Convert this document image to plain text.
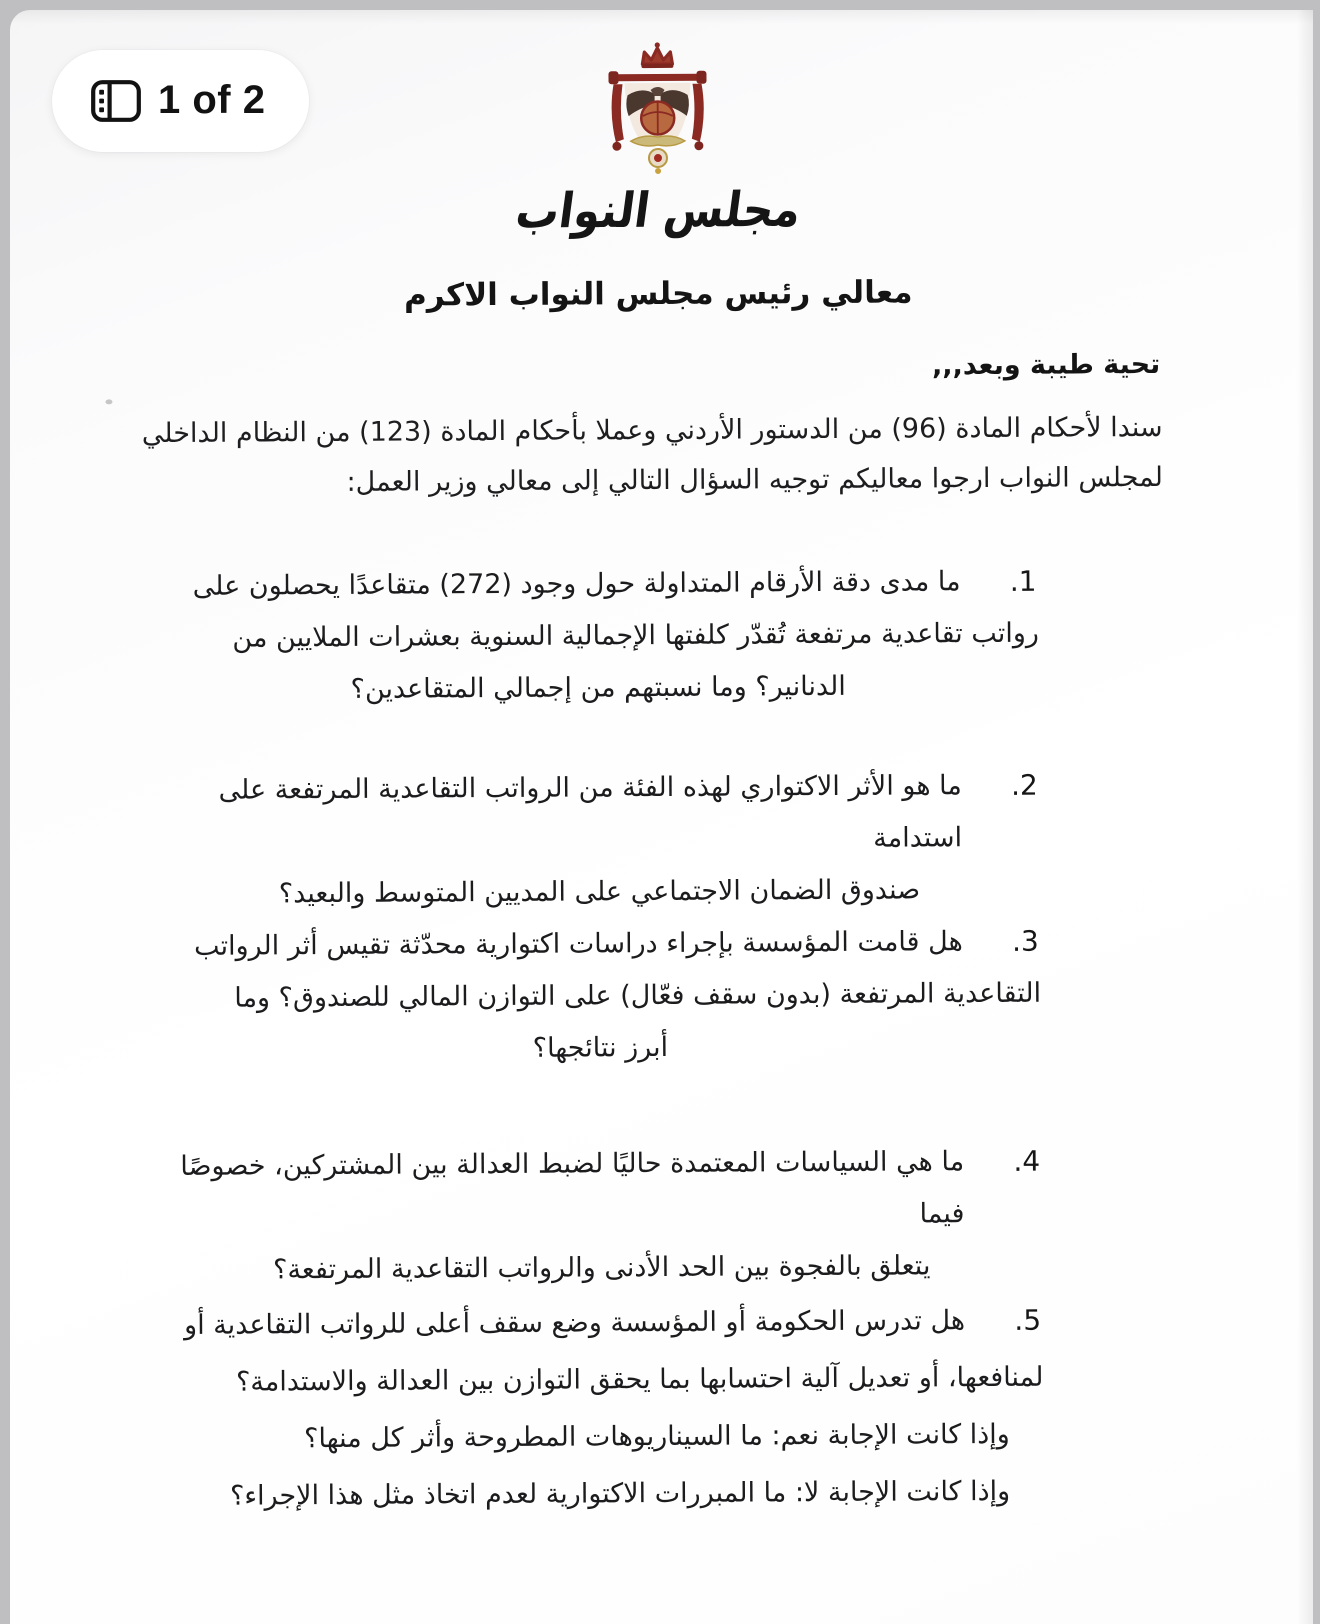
مجلس النواب
معالي رئيس مجلس النواب الاكرم
تحية طيبة وبعد,,,
سندا لأحكام المادة (96) من الدستور الأردني وعملا بأحكام المادة (123) من النظام الداخلي
لمجلس النواب ارجوا معاليكم توجيه السؤال التالي إلى معالي وزير العمل:
.1
ما مدى دقة الأرقام المتداولة حول وجود (272) متقاعدًا يحصلون على
رواتب تقاعدية مرتفعة تُقدّر كلفتها الإجمالية السنوية بعشرات الملايين من
الدنانير؟ وما نسبتهم من إجمالي المتقاعدين؟
.2
ما هو الأثر الاكتواري لهذه الفئة من الرواتب التقاعدية المرتفعة على استدامة
صندوق الضمان الاجتماعي على المديين المتوسط والبعيد؟
.3
هل قامت المؤسسة بإجراء دراسات اكتوارية محدّثة تقيس أثر الرواتب
التقاعدية المرتفعة (بدون سقف فعّال) على التوازن المالي للصندوق؟ وما
أبرز نتائجها؟
.4
ما هي السياسات المعتمدة حاليًا لضبط العدالة بين المشتركين، خصوصًا فيما
يتعلق بالفجوة بين الحد الأدنى والرواتب التقاعدية المرتفعة؟
.5
هل تدرس الحكومة أو المؤسسة وضع سقف أعلى للرواتب التقاعدية أو
لمنافعها، أو تعديل آلية احتسابها بما يحقق التوازن بين العدالة والاستدامة؟
وإذا كانت الإجابة نعم: ما السيناريوهات المطروحة وأثر كل منها؟
وإذا كانت الإجابة لا: ما المبررات الاكتوارية لعدم اتخاذ مثل هذا الإجراء؟
1 of 2
